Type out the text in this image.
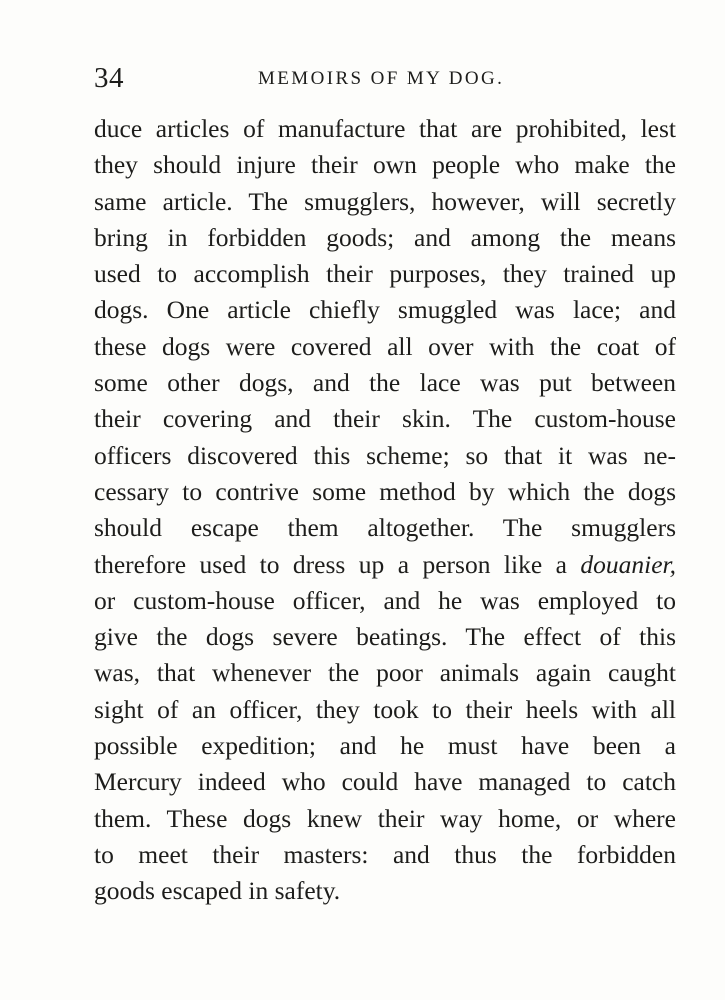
34	MEMOIRS OF MY DOG.
duce articles of manufacture that are prohibited, lest
they should injure their own people who make the
same article. The smugglers, however, will secretly
bring in forbidden goods; and among the means
used to accomplish their purposes, they trained up
dogs. One article chiefly smuggled was lace; and
these dogs were covered all over with the coat of
some other dogs, and the lace was put between
their covering and their skin. The custom-house
officers discovered this scheme; so that it was ne-
cessary to contrive some method by which the dogs
should escape them altogether. The smugglers
therefore used to dress up a person like a douanier,
or custom-house officer, and he was employed to
give the dogs severe beatings. The effect of this
was, that whenever the poor animals again caught
sight of an officer, they took to their heels with all
possible expedition; and he must have been a
Mercury indeed who could have managed to catch
them. These dogs knew their way home, or where
to meet their masters: and thus the forbidden
goods escaped in safety.
